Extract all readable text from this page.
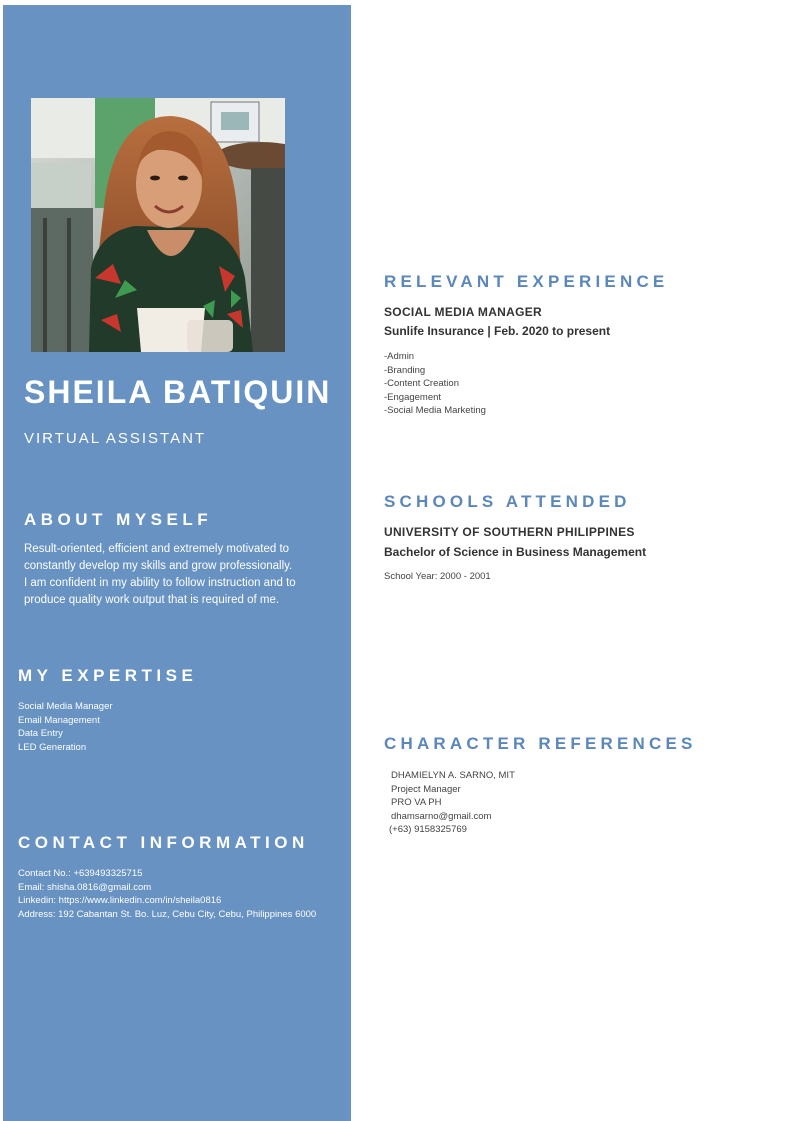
SHEILA BATIQUIN
VIRTUAL ASSISTANT
ABOUT MYSELF
Result-oriented, efficient and extremely motivated to constantly develop my skills and grow professionally.
I am confident in my ability to follow instruction and to produce quality work output that is required of me.
MY EXPERTISE
Social Media Manager
Email Management
Data Entry
LED Generation
CONTACT INFORMATION
Contact No.: +639493325715
Email: shisha.0816@gmail.com
Linkedin: https://www.linkedin.com/in/sheila0816
Address: 192 Cabantan St. Bo. Luz, Cebu City, Cebu, Philippines 6000
RELEVANT EXPERIENCE
SOCIAL MEDIA MANAGER
Sunlife Insurance | Feb. 2020 to present
-Admin
-Branding
-Content Creation
-Engagement
-Social Media Marketing
SCHOOLS ATTENDED
UNIVERSITY OF SOUTHERN PHILIPPINES
Bachelor of Science in Business Management
School Year: 2000 - 2001
CHARACTER REFERENCES
DHAMIELYN A. SARNO, MIT
Project Manager
PRO VA PH
dhamsarno@gmail.com
(+63) 9158325769
